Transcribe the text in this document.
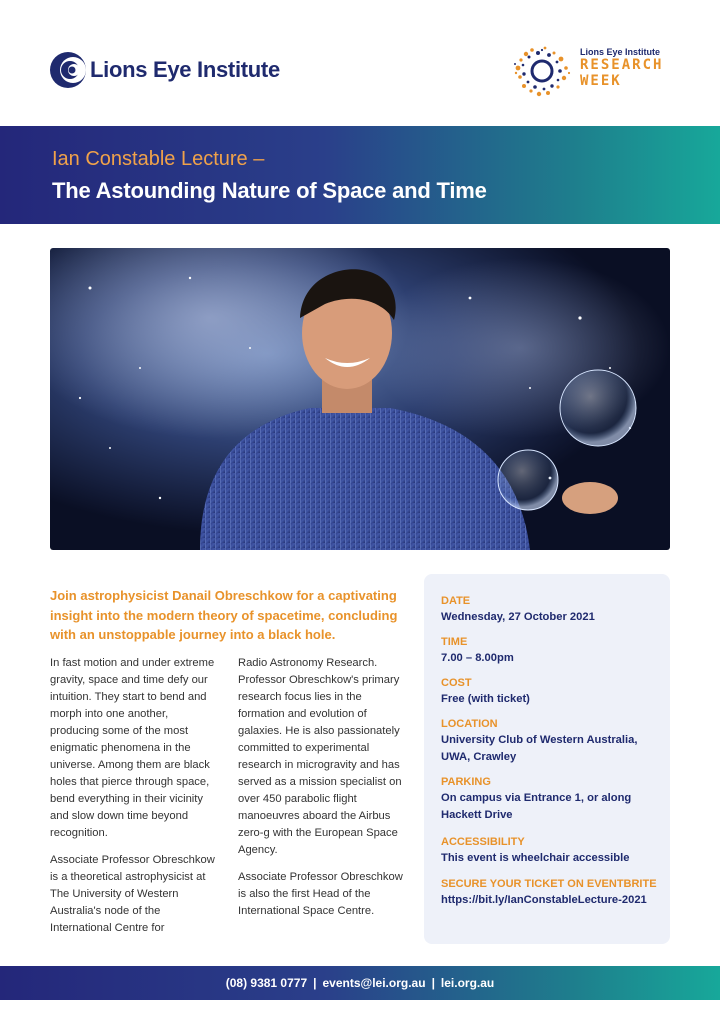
Lions Eye Institute
Lions Eye Institute
RESEARCH
WEEK
Ian Constable Lecture –
The Astounding Nature of Space and Time
Join astrophysicist Danail Obreschkow for a captivating insight into the modern theory of spacetime, concluding with an unstoppable journey into a black hole.

In fast motion and under extreme gravity, space and time defy our intuition. They start to bend and morph into one another, producing some of the most enigmatic phenomena in the universe. Among them are black holes that pierce through space, bend everything in their vicinity and slow down time beyond recognition.

Associate Professor Obreschkow is a theoretical astrophysicist at The University of Western Australia's node of the International Centre for

Radio Astronomy Research. Professor Obreschkow's primary research focus lies in the formation and evolution of galaxies. He is also passionately committed to experimental research in microgravity and has served as a mission specialist on over 450 parabolic flight manoeuvres aboard the Airbus zero-g with the European Space Agency.

Associate Professor Obreschkow is also the first Head of the International Space Centre.

DATE
Wednesday, 27 October 2021
TIME
7.00 – 8.00pm
COST
Free (with ticket)
LOCATION
University Club of Western Australia, UWA, Crawley
PARKING
On campus via Entrance 1, or along Hackett Drive
ACCESSIBILITY
This event is wheelchair accessible
SECURE YOUR TICKET ON EVENTBRITE
https://bit.ly/IanConstableLecture-2021
(08) 9381 0777 | events@lei.org.au | lei.org.au
